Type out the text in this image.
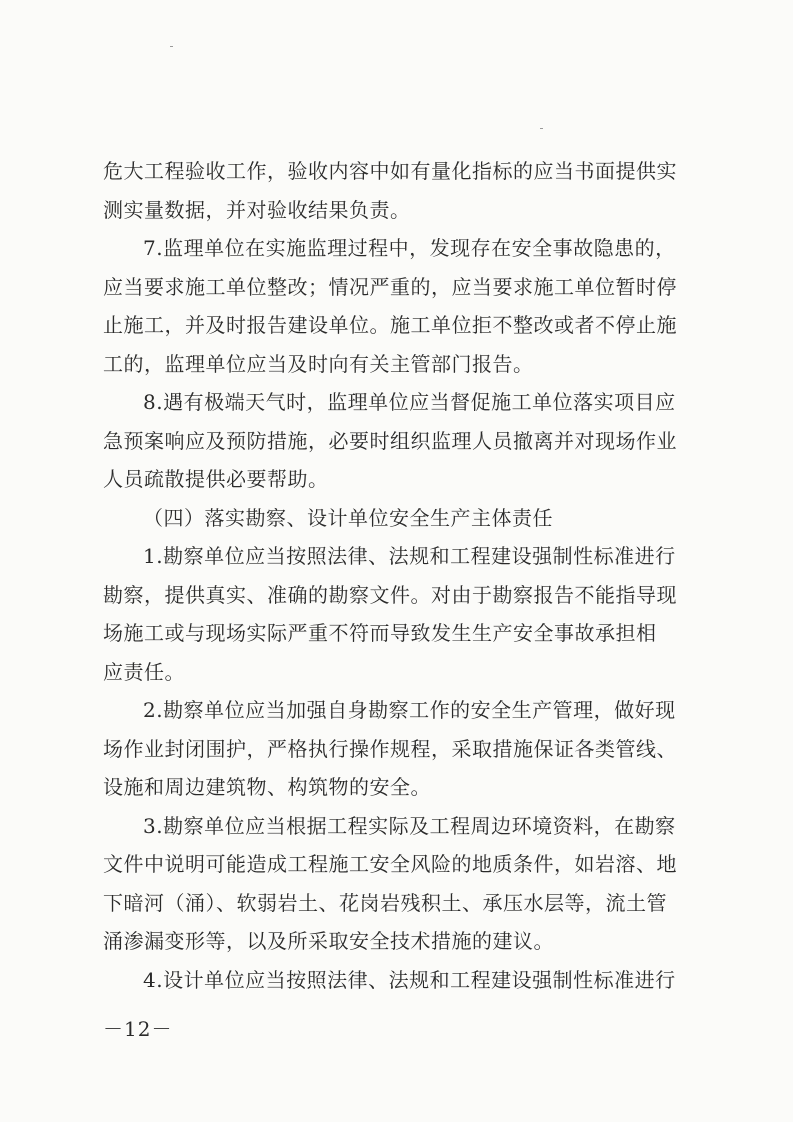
危大工程验收工作，验收内容中如有量化指标的应当书面提供实
测实量数据，并对验收结果负责。
7.监理单位在实施监理过程中，发现存在安全事故隐患的，
应当要求施工单位整改；情况严重的，应当要求施工单位暂时停
止施工，并及时报告建设单位。施工单位拒不整改或者不停止施
工的，监理单位应当及时向有关主管部门报告。
8.遇有极端天气时，监理单位应当督促施工单位落实项目应
急预案响应及预防措施，必要时组织监理人员撤离并对现场作业
人员疏散提供必要帮助。
（四）落实勘察、设计单位安全生产主体责任
1.勘察单位应当按照法律、法规和工程建设强制性标准进行
勘察，提供真实、准确的勘察文件。对由于勘察报告不能指导现
场施工或与现场实际严重不符而导致发生生产安全事故承担相
应责任。
2.勘察单位应当加强自身勘察工作的安全生产管理，做好现
场作业封闭围护，严格执行操作规程，采取措施保证各类管线、
设施和周边建筑物、构筑物的安全。
3.勘察单位应当根据工程实际及工程周边环境资料，在勘察
文件中说明可能造成工程施工安全风险的地质条件，如岩溶、地
下暗河（涌）、软弱岩土、花岗岩残积土、承压水层等，流土管
涌渗漏变形等，以及所采取安全技术措施的建议。
4.设计单位应当按照法律、法规和工程建设强制性标准进行
－12－
